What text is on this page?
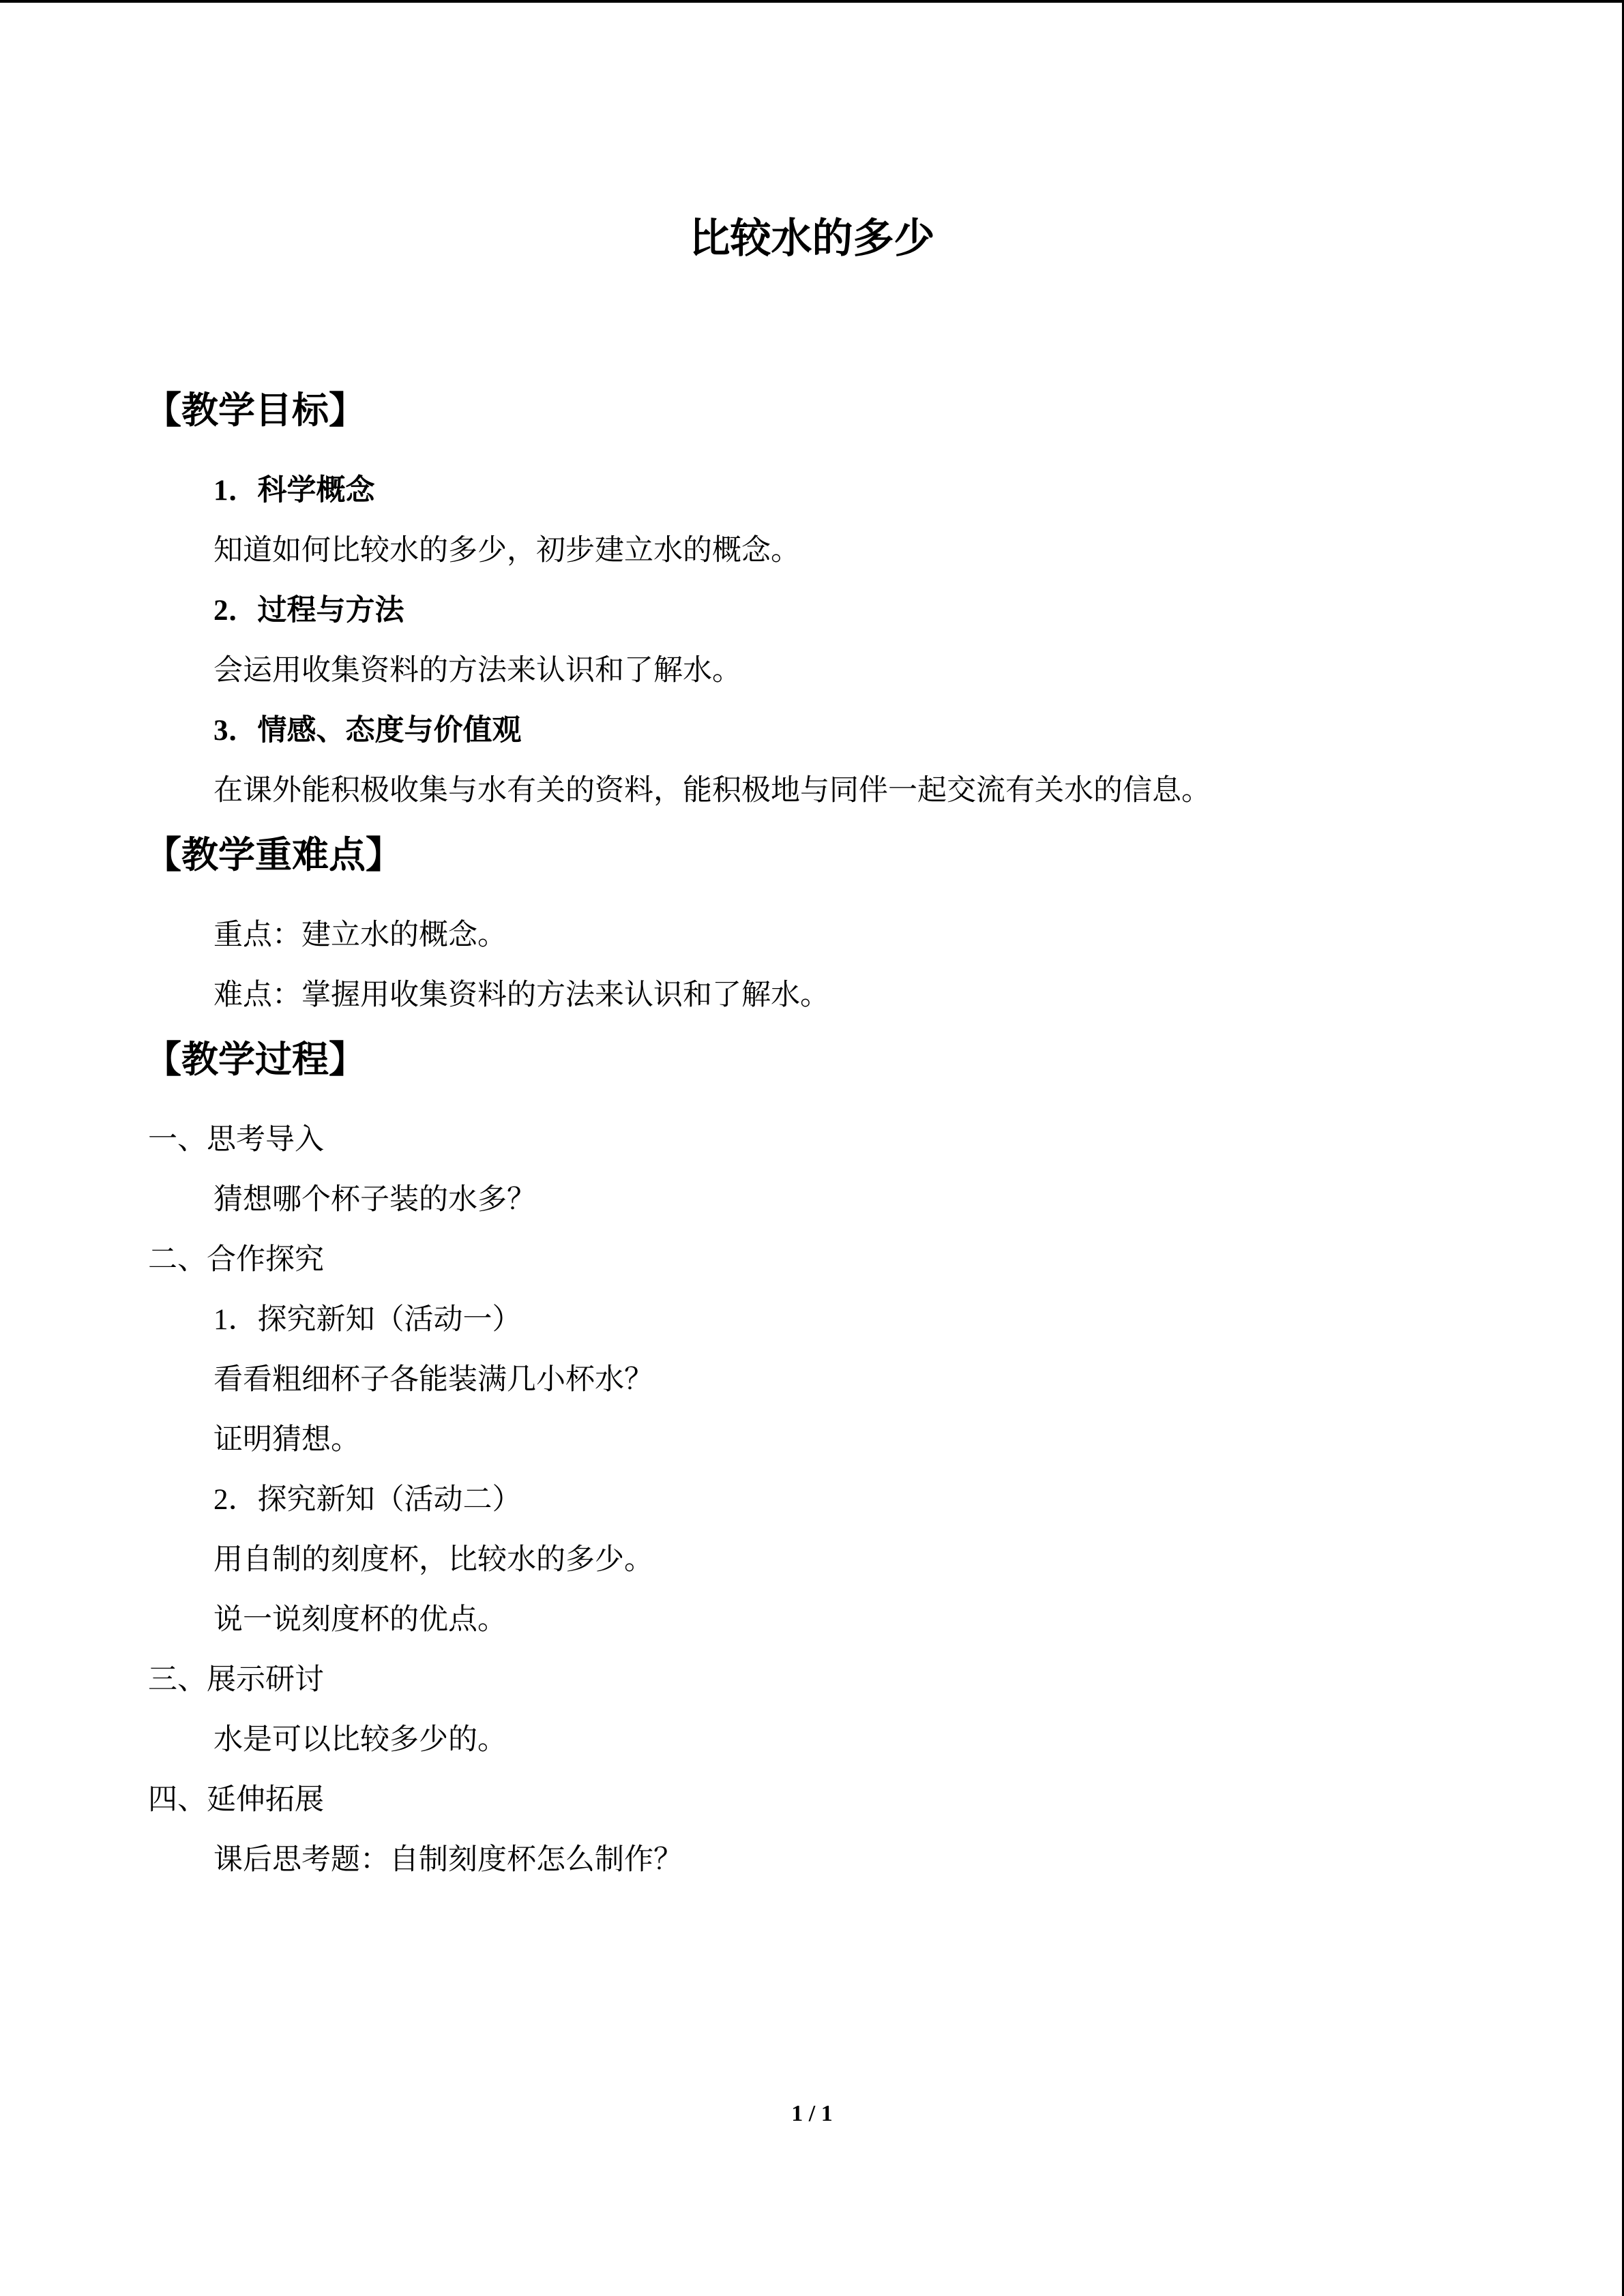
比较水的多少
【教学目标】
1．科学概念
知道如何比较水的多少，初步建立水的概念。
2．过程与方法
会运用收集资料的方法来认识和了解水。
3．情感、态度与价值观
在课外能积极收集与水有关的资料，能积极地与同伴一起交流有关水的信息。
【教学重难点】
重点：建立水的概念。
难点：掌握用收集资料的方法来认识和了解水。
【教学过程】
一、思考导入
猜想哪个杯子装的水多？
二、合作探究
1．探究新知（活动一）
看看粗细杯子各能装满几小杯水？
证明猜想。
2．探究新知（活动二）
用自制的刻度杯，比较水的多少。
说一说刻度杯的优点。
三、展示研讨
水是可以比较多少的。
四、延伸拓展
课后思考题：自制刻度杯怎么制作？
1 / 1
